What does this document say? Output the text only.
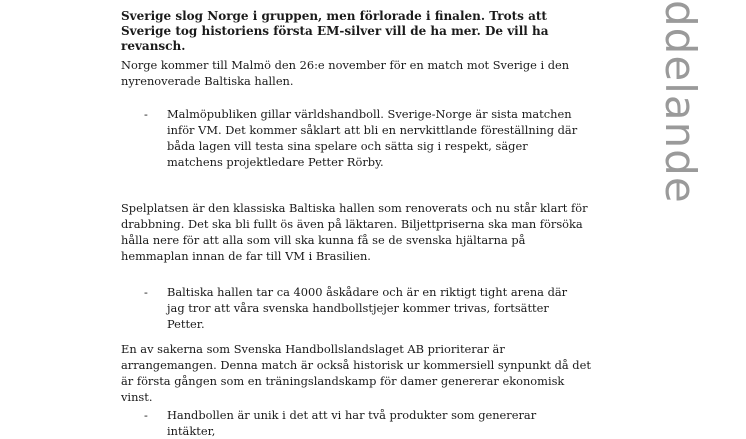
Sverige slog Norge i gruppen, men förlorade i finalen. Trots att Sverige tog historiens första EM-silver vill de ha mer. De vill ha revansch.

Norge kommer till Malmö den 26:e november för en match mot Sverige i den nyrenoverade Baltiska hallen.

-	Malmöpubliken gillar världshandboll. Sverige-Norge är sista matchen inför VM. Det kommer såklart att bli en nervkittlande föreställning där båda lagen vill testa sina spelare och sätta sig i respekt, säger matchens projektledare Petter Rörby.

Spelplatsen är den klassiska Baltiska hallen som renoverats och nu står klart för drabbning. Det ska bli fullt ös även på läktaren. Biljettpriserna ska man försöka hålla nere för att alla som vill ska kunna få se de svenska hjältarna på hemmaplan innan de far till VM i Brasilien.

-	Baltiska hallen tar ca 4000 åskådare och är en riktigt tight arena där jag tror att våra svenska handbollstjejer kommer trivas, fortsätter Petter.

En av sakerna som Svenska Handbollslandslaget AB prioriterar är arrangemangen. Denna match är också historisk ur kommersiell synpunkt då det är första gången som en träningslandskamp för damer genererar ekonomisk vinst.

-	Handbollen är unik i det att vi har två produkter som genererar intäkter,
ddelande
